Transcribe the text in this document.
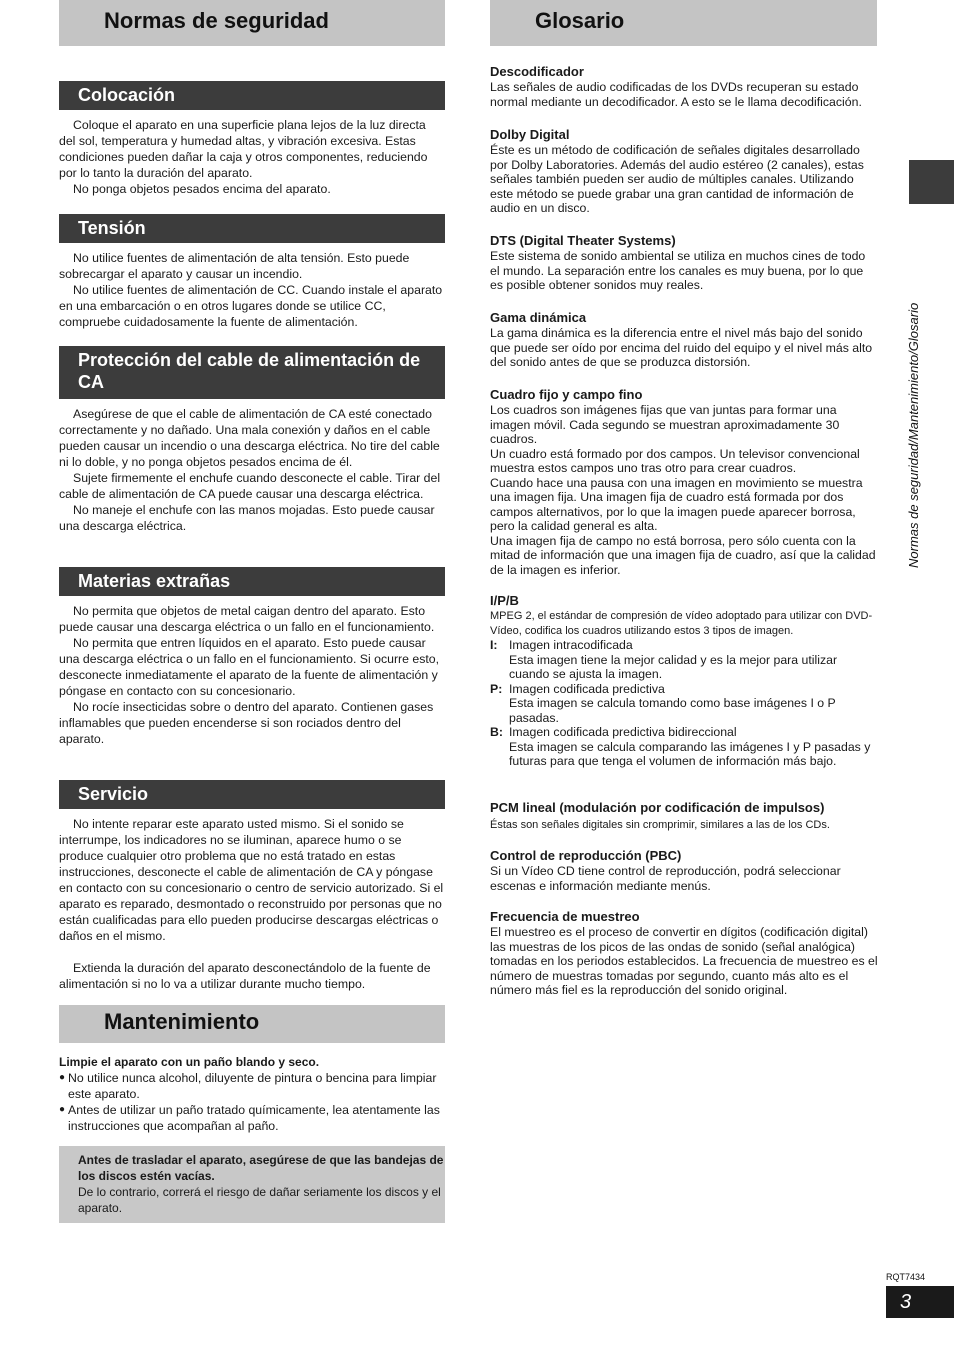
Normas de seguridad
Colocación
Coloque el aparato en una superficie plana lejos de la luz directa del sol, temperatura y humedad altas, y vibración excesiva. Estas condiciones pueden dañar la caja y otros componentes, reduciendo por lo tanto la duración del aparato.
No ponga objetos pesados encima del aparato.
Tensión
No utilice fuentes de alimentación de alta tensión. Esto puede sobrecargar el aparato y causar un incendio.
No utilice fuentes de alimentación de CC. Cuando instale el aparato en una embarcación o en otros lugares donde se utilice CC, compruebe cuidadosamente la fuente de alimentación.
Protección del cable de alimentación de CA
Asegúrese de que el cable de alimentación de CA esté conectado correctamente y no dañado. Una mala conexión y daños en el cable pueden causar un incendio o una descarga eléctrica. No tire del cable ni lo doble, y no ponga objetos pesados encima de él.
Sujete firmemente el enchufe cuando desconecte el cable. Tirar del cable de alimentación de CA puede causar una descarga eléctrica.
No maneje el enchufe con las manos mojadas. Esto puede causar una descarga eléctrica.
Materias extrañas
No permita que objetos de metal caigan dentro del aparato. Esto puede causar una descarga eléctrica o un fallo en el funcionamiento.
No permita que entren líquidos en el aparato. Esto puede causar una descarga eléctrica o un fallo en el funcionamiento. Si ocurre esto, desconecte inmediatamente el aparato de la fuente de alimentación y póngase en contacto con su concesionario.
No rocíe insecticidas sobre o dentro del aparato. Contienen gases inflamables que pueden encenderse si son rociados dentro del aparato.
Servicio
No intente reparar este aparato usted mismo. Si el sonido se interrumpe, los indicadores no se iluminan, aparece humo o se produce cualquier otro problema que no está tratado en estas instrucciones, desconecte el cable de alimentación de CA y póngase en contacto con su concesionario o centro de servicio autorizado. Si el aparato es reparado, desmontado o reconstruido por personas que no están cualificadas para ello pueden producirse descargas eléctricas o daños en el mismo.
Extienda la duración del aparato desconectándolo de la fuente de alimentación si no lo va a utilizar durante mucho tiempo.
Mantenimiento
Limpie el aparato con un paño blando y seco.
● No utilice nunca alcohol, diluyente de pintura o bencina para limpiar este aparato.
● Antes de utilizar un paño tratado químicamente, lea atentamente las instrucciones que acompañan al paño.
Antes de trasladar el aparato, asegúrese de que las bandejas de los discos estén vacías.
De lo contrario, correrá el riesgo de dañar seriamente los discos y el aparato.
Glosario
Descodificador
Las señales de audio codificadas de los DVDs recuperan su estado normal mediante un decodificador. A esto se le llama decodificación.
Dolby Digital
Éste es un método de codificación de señales digitales desarrollado por Dolby Laboratories. Además del audio estéreo (2 canales), estas señales también pueden ser audio de múltiples canales. Utilizando este método se puede grabar una gran cantidad de información de audio en un disco.
DTS (Digital Theater Systems)
Este sistema de sonido ambiental se utiliza en muchos cines de todo el mundo. La separación entre los canales es muy buena, por lo que es posible obtener sonidos muy reales.
Gama dinámica
La gama dinámica es la diferencia entre el nivel más bajo del sonido que puede ser oído por encima del ruido del equipo y el nivel más alto del sonido antes de que se produzca distorsión.
Cuadro fijo y campo fino
Los cuadros son imágenes fijas que van juntas para formar una imagen móvil. Cada segundo se muestran aproximadamente 30 cuadros.
Un cuadro está formado por dos campos. Un televisor convencional muestra estos campos uno tras otro para crear cuadros.
Cuando hace una pausa con una imagen en movimiento se muestra una imagen fija. Una imagen fija de cuadro está formada por dos campos alternativos, por lo que la imagen puede aparecer borrosa, pero la calidad general es alta.
Una imagen fija de campo no está borrosa, pero sólo cuenta con la mitad de información que una imagen fija de cuadro, así que la calidad de la imagen es inferior.
I/P/B
MPEG 2, el estándar de compresión de vídeo adoptado para utilizar con DVD-Vídeo, codifica los cuadros utilizando estos 3 tipos de imagen.
I: Imagen intracodificada
Esta imagen tiene la mejor calidad y es la mejor para utilizar cuando se ajusta la imagen.
P: Imagen codificada predictiva
Esta imagen se calcula tomando como base imágenes I o P pasadas.
B: Imagen codificada predictiva bidireccional
Esta imagen se calcula comparando las imágenes I y P pasadas y futuras para que tenga el volumen de información más bajo.
PCM lineal (modulación por codificación de impulsos)
Éstas son señales digitales sin cromprimir, similares a las de los CDs.
Control de reproducción (PBC)
Si un Vídeo CD tiene control de reproducción, podrá seleccionar escenas e información mediante menús.
Frecuencia de muestreo
El muestreo es el proceso de convertir en dígitos (codificación digital) las muestras de los picos de las ondas de sonido (señal analógica) tomadas en los periodos establecidos. La frecuencia de muestreo es el número de muestras tomadas por segundo, cuanto más alto es el número más fiel es la reproducción del sonido original.
Normas de seguridad/Mantenimiento/Glosario
RQT7434
3
